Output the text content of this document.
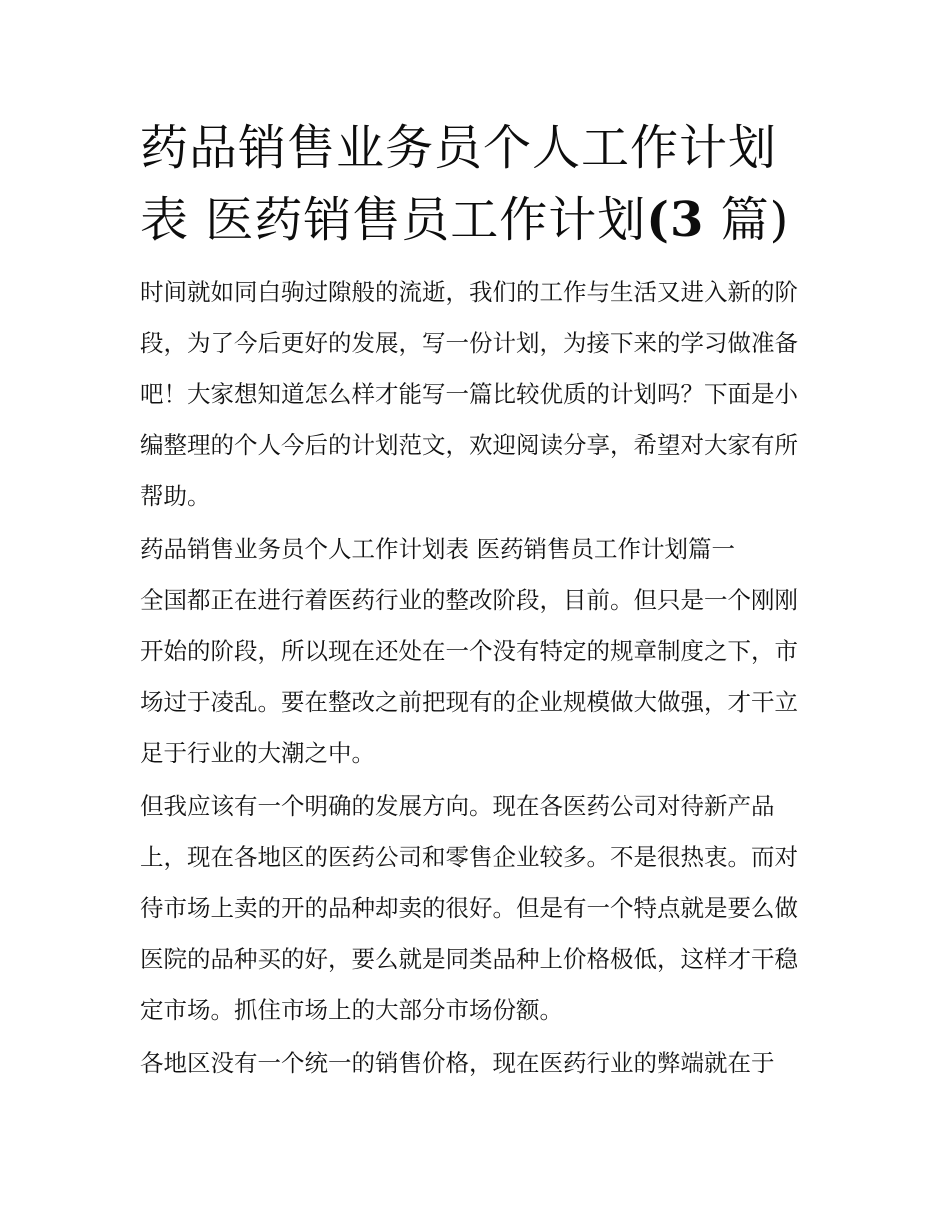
药品销售业务员个人工作计划
表 医药销售员工作计划(3 篇)

时间就如同白驹过隙般的流逝，我们的工作与生活又进入新的阶段，为了今后更好的发展，写一份计划，为接下来的学习做准备吧！大家想知道怎么样才能写一篇比较优质的计划吗？下面是小编整理的个人今后的计划范文，欢迎阅读分享，希望对大家有所帮助。

药品销售业务员个人工作计划表 医药销售员工作计划篇一

全国都正在进行着医药行业的整改阶段，目前。但只是一个刚刚开始的阶段，所以现在还处在一个没有特定的规章制度之下，市场过于凌乱。要在整改之前把现有的企业规模做大做强，才干立足于行业的大潮之中。

但我应该有一个明确的发展方向。现在各医药公司对待新产品上，现在各地区的医药公司和零售企业较多。不是很热衷。而对待市场上卖的开的品种却卖的很好。但是有一个特点就是要么做医院的品种买的好，要么就是同类品种上价格极低，这样才干稳定市场。抓住市场上的大部分市场份额。

各地区没有一个统一的销售价格，现在医药行业的弊端就在于
